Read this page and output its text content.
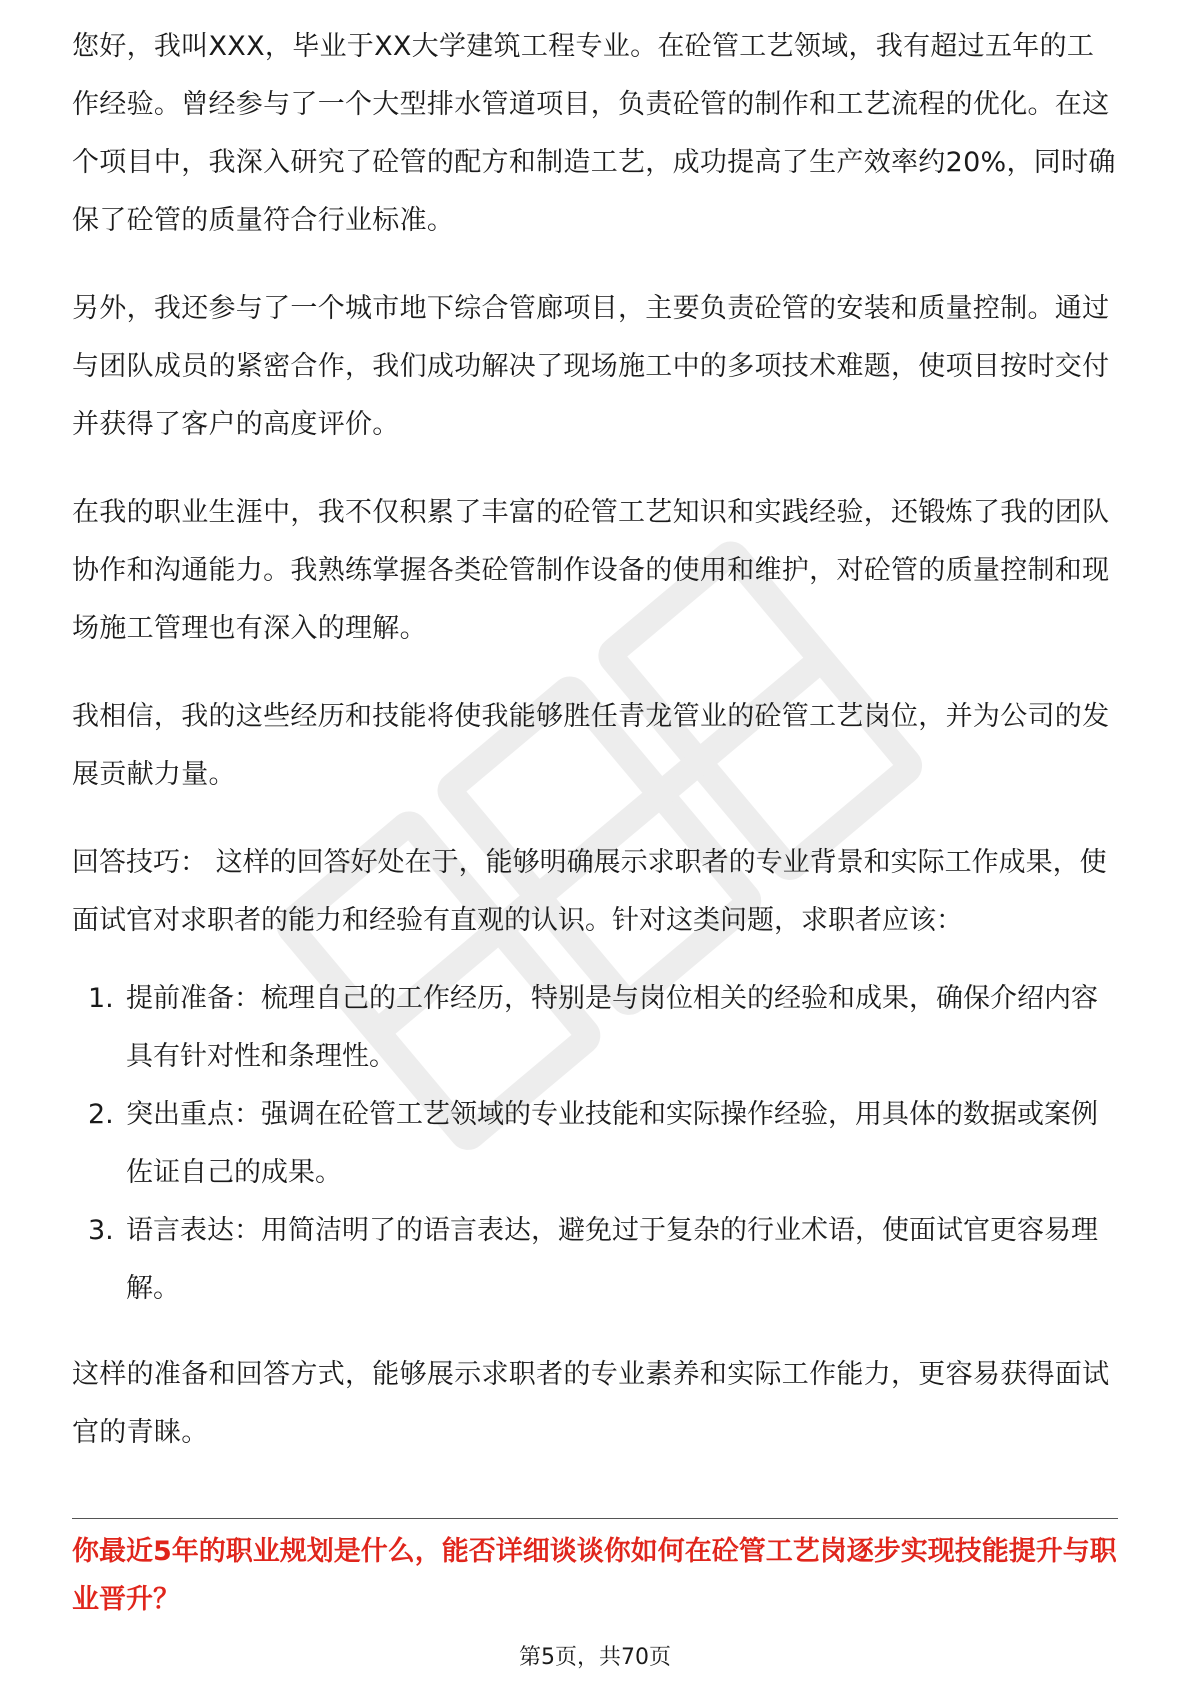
您好，我叫XXX，毕业于XX大学建筑工程专业。在砼管工艺领域，我有超过五年的工作经验。曾经参与了一个大型排水管道项目，负责砼管的制作和工艺流程的优化。在这个项目中，我深入研究了砼管的配方和制造工艺，成功提高了生产效率约20%，同时确保了砼管的质量符合行业标准。

另外，我还参与了一个城市地下综合管廊项目，主要负责砼管的安装和质量控制。通过与团队成员的紧密合作，我们成功解决了现场施工中的多项技术难题，使项目按时交付并获得了客户的高度评价。

在我的职业生涯中，我不仅积累了丰富的砼管工艺知识和实践经验，还锻炼了我的团队协作和沟通能力。我熟练掌握各类砼管制作设备的使用和维护，对砼管的质量控制和现场施工管理也有深入的理解。

我相信，我的这些经历和技能将使我能够胜任青龙管业的砼管工艺岗位，并为公司的发展贡献力量。

回答技巧： 这样的回答好处在于，能够明确展示求职者的专业背景和实际工作成果，使面试官对求职者的能力和经验有直观的认识。针对这类问题，求职者应该：

1. 提前准备：梳理自己的工作经历，特别是与岗位相关的经验和成果，确保介绍内容具有针对性和条理性。
2. 突出重点：强调在砼管工艺领域的专业技能和实际操作经验，用具体的数据或案例佐证自己的成果。
3. 语言表达：用简洁明了的语言表达，避免过于复杂的行业术语，使面试官更容易理解。

这样的准备和回答方式，能够展示求职者的专业素养和实际工作能力，更容易获得面试官的青睐。

你最近5年的职业规划是什么，能否详细谈谈你如何在砼管工艺岗逐步实现技能提升与职业晋升？
第5页，共70页
